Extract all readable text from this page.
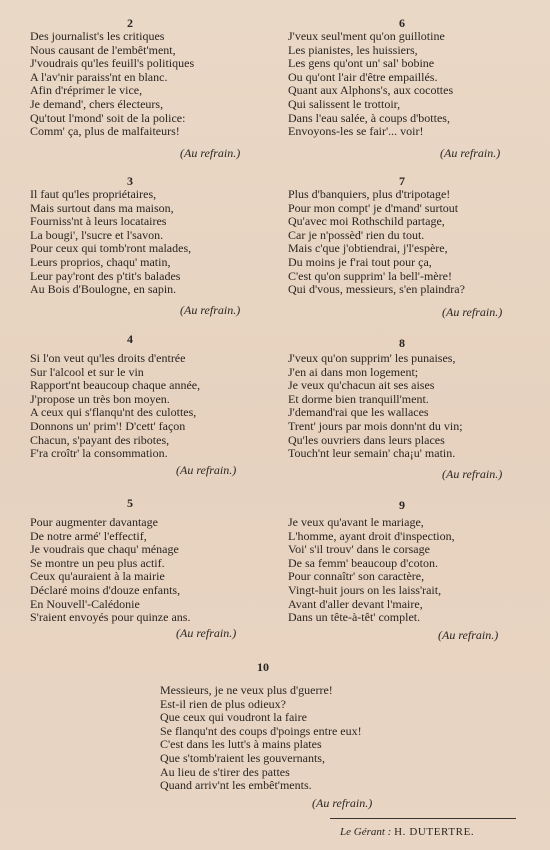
2
Des journalist's les critiques
Nous causant de l'embêt'ment,
J'voudrais qu'les feuill's politiques
A l'av'nir paraiss'nt en blanc.
Afin d'réprimer le vice,
Je demand', chers électeurs,
Qu'tout l'mond' soit de la police:
Comm' ça, plus de malfaiteurs!
(Au refrain.)
6
J'veux seul'ment qu'on guillotine
Les pianistes, les huissiers,
Les gens qu'ont un' sal' bobine
Ou qu'ont l'air d'être empaillés.
Quant aux Alphons's, aux cocottes
Qui salissent le trottoir,
Dans l'eau salée, à coups d'bottes,
Envoyons-les se fair'... voir!
(Au refrain.)
3
Il faut qu'les propriétaires,
Mais surtout dans ma maison,
Fourniss'nt à leurs locataires
La bougi', l'sucre et l'savon.
Pour ceux qui tomb'ront malades,
Leurs proprios, chaqu' matin,
Leur pay'ront des p'tit's balades
Au Bois d'Boulogne, en sapin.
(Au refrain.)
7
Plus d'banquiers, plus d'tripotage!
Pour mon compt' je d'mand' surtout
Qu'avec moi Rothschild partage,
Car je n'possèd' rien du tout.
Mais c'que j'obtiendrai, j'l'espère,
Du moins je f'rai tout pour ça,
C'est qu'on supprim' la bell'-mère!
Qui d'vous, messieurs, s'en plaindra?
(Au refrain.)
4
Si l'on veut qu'les droits d'entrée
Sur l'alcool et sur le vin
Rapport'nt beaucoup chaque année,
J'propose un très bon moyen.
A ceux qui s'flanqu'nt des culottes,
Donnons un' prim'! D'cett' façon
Chacun, s'payant des ribotes,
F'ra croîtr' la consommation.
(Au refrain.)
8
J'veux qu'on supprim' les punaises,
J'en ai dans mon logement;
Je veux qu'chacun ait ses aises
Et dorme bien tranquill'ment.
J'demand'rai que les wallaces
Trent' jours par mois donn'nt du vin;
Qu'les ouvriers dans leurs places
Touch'nt leur semain' cha¡u' matin.
(Au refrain.)
5
Pour augmenter davantage
De notre armé' l'effectif,
Je voudrais que chaqu' ménage
Se montre un peu plus actif.
Ceux qu'auraient à la mairie
Déclaré moins d'douze enfants,
En Nouvell'-Calédonie
S'raient envoyés pour quinze ans.
(Au refrain.)
9
Je veux qu'avant le mariage,
L'homme, ayant droit d'inspection,
Voi' s'il trouv' dans le corsage
De sa femm' beaucoup d'coton.
Pour connaîtr' son caractère,
Vingt-huit jours on les laiss'rait,
Avant d'aller devant l'maire,
Dans un tête-à-têt' complet.
(Au refrain.)
10
Messieurs, je ne veux plus d'guerre!
Est-il rien de plus odieux?
Que ceux qui voudront la faire
Se flanqu'nt des coups d'poings entre eux!
C'est dans les lutt's à mains plates
Que s'tomb'raient les gouvernants,
Au lieu de s'tirer des pattes
Quand arriv'nt les embêt'ments.
(Au refrain.)
Le Gérant : H. DUTERTRE.
